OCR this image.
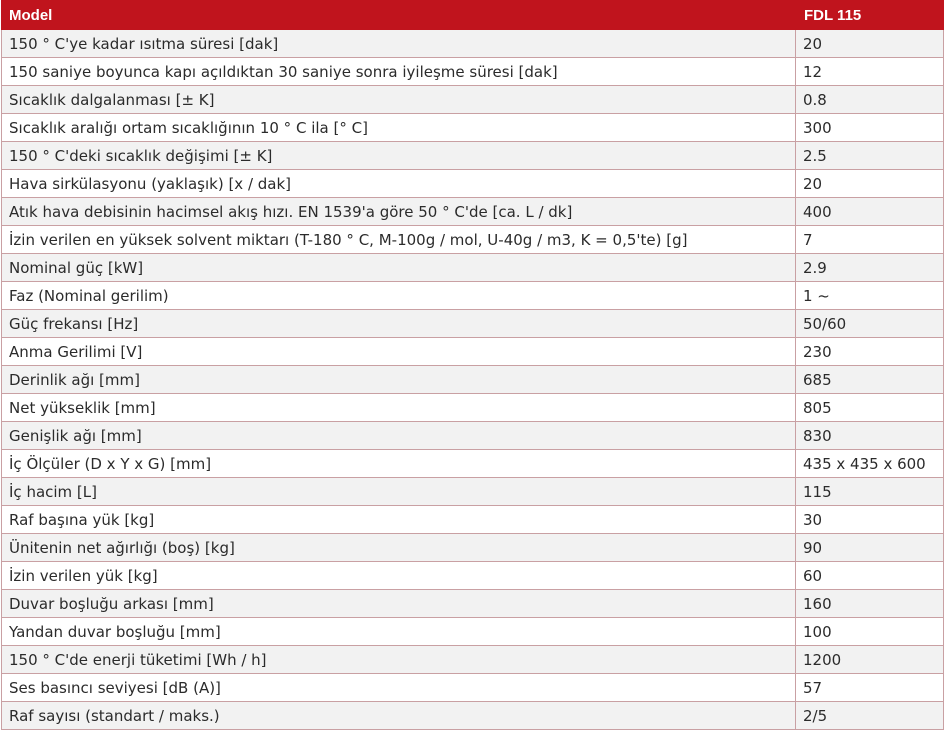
Model	FDL 115
150 ° C'ye kadar ısıtma süresi [dak]	20
150 saniye boyunca kapı açıldıktan 30 saniye sonra iyileşme süresi [dak]	12
Sıcaklık dalgalanması [± K]	0.8
Sıcaklık aralığı ortam sıcaklığının 10 ° C ila [° C]	300
150 ° C'deki sıcaklık değişimi [± K]	2.5
Hava sirkülasyonu (yaklaşık) [x / dak]	20
Atık hava debisinin hacimsel akış hızı. EN 1539'a göre 50 ° C'de [ca. L / dk]	400
İzin verilen en yüksek solvent miktarı (T-180 ° C, M-100g / mol, U-40g / m3, K = 0,5'te) [g]	7
Nominal güç [kW]	2.9
Faz (Nominal gerilim)	1 ~
Güç frekansı [Hz]	50/60
Anma Gerilimi [V]	230
Derinlik ağı [mm]	685
Net yükseklik [mm]	805
Genişlik ağı [mm]	830
İç Ölçüler (D x Y x G) [mm]	435 x 435 x 600
İç hacim [L]	115
Raf başına yük [kg]	30
Ünitenin net ağırlığı (boş) [kg]	90
İzin verilen yük [kg]	60
Duvar boşluğu arkası [mm]	160
Yandan duvar boşluğu [mm]	100
150 ° C'de enerji tüketimi [Wh / h]	1200
Ses basıncı seviyesi [dB (A)]	57
Raf sayısı (standart / maks.)	2/5
